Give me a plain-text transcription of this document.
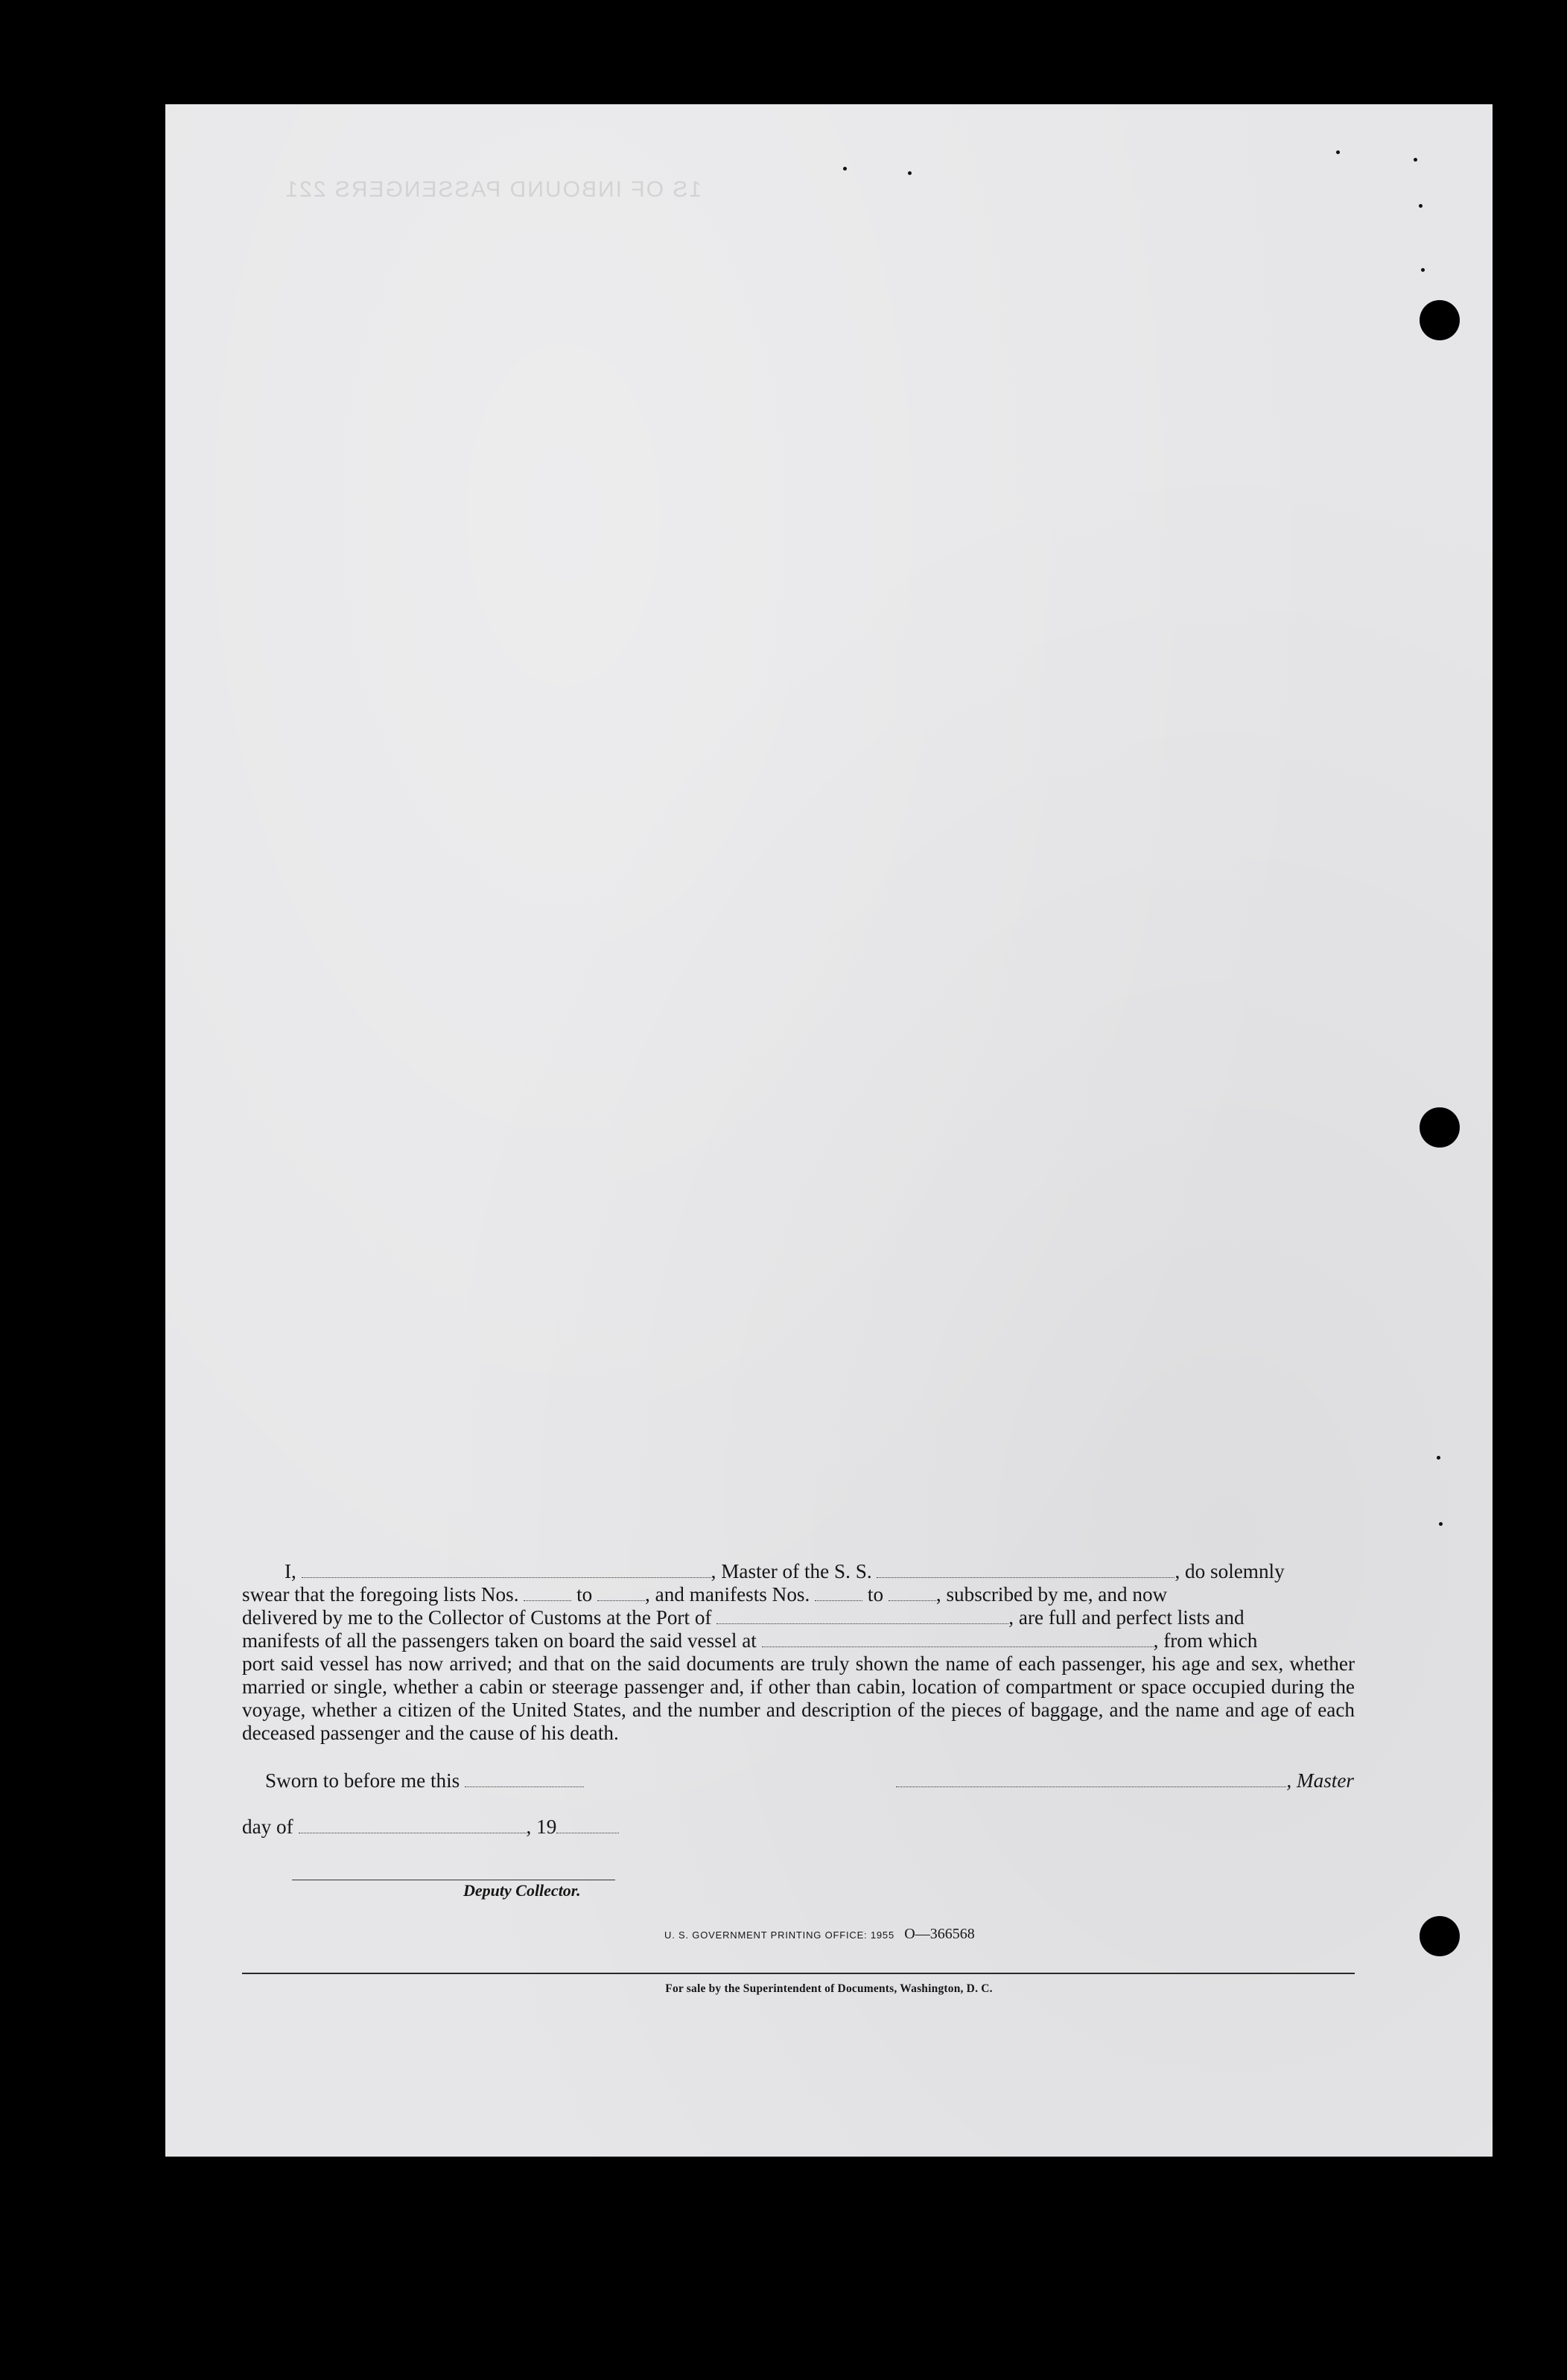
1S OF INBOUND PASSENGERS 221

I,	, Master of the S. S.	, do solemnly

swear that the foregoing lists Nos.	to	, and manifests Nos.	to	, subscribed by me, and now

delivered by me to the Collector of Customs at the Port of	, are full and perfect lists and

manifests of all the passengers taken on board the said vessel at	, from which

port said vessel has now arrived; and that on the said documents are truly shown the name of each passenger, his age and sex, whether married or single, whether a cabin or steerage passenger and, if other than cabin, location of compartment or space occupied during the voyage, whether a citizen of the United States, and the number and description of the pieces of baggage, and the name and age of each deceased passenger and the cause of his death.

Sworn to before me this	, Master
day of	, 19
Deputy Collector.
U. S. GOVERNMENT PRINTING OFFICE: 1955 O—366568
For sale by the Superintendent of Documents, Washington, D. C.
